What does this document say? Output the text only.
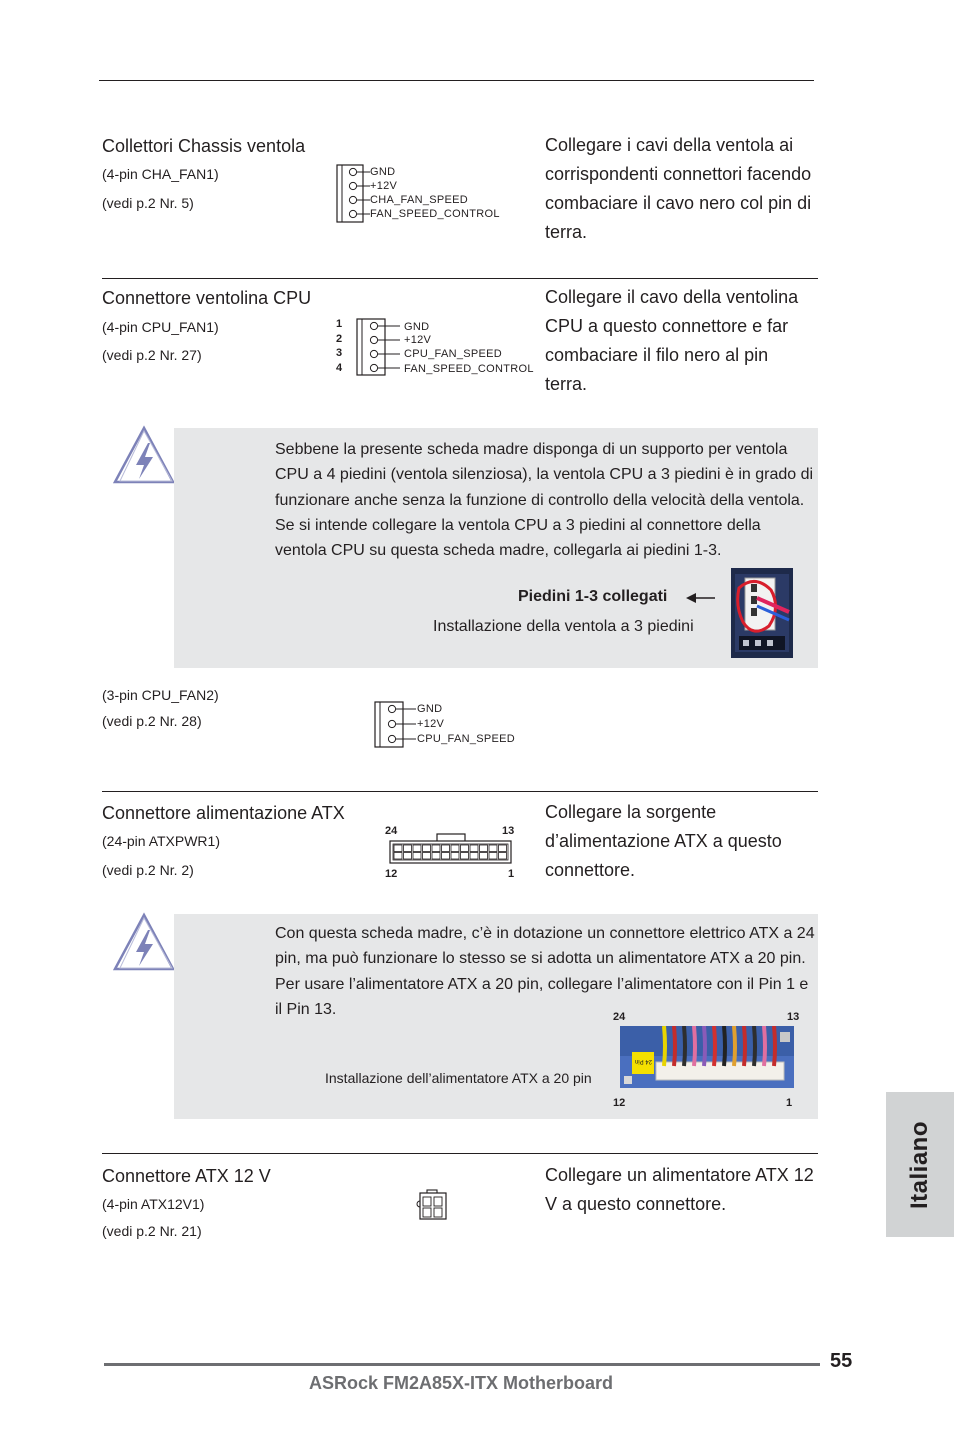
Collettori Chassis ventola
(4-pin CHA_FAN1)
(vedi p.2 Nr. 5)
GND
+12V
CHA_FAN_SPEED
FAN_SPEED_CONTROL
Collegare i cavi della ventola ai corrispondenti connettori facendo combaciare il cavo nero col pin di terra.
Connettore ventolina CPU
(4-pin CPU_FAN1)
(vedi p.2 Nr. 27)
1
2
3
4
GND
+12V
CPU_FAN_SPEED
FAN_SPEED_CONTROL
Collegare il cavo della ventolina CPU a questo connettore e far combaciare il filo nero al pin terra.
Sebbene la presente scheda madre disponga di un supporto per ventola CPU a 4 piedini (ventola silenziosa), la ventola CPU a 3 piedini è in grado di funzionare anche senza la funzione di controllo della velocità della ventola. Se si intende collegare la ventola CPU a 3 piedini al connettore della ventola CPU su questa scheda madre, collegarla ai piedini 1-3.
Piedini 1-3 collegati
Installazione della ventola a 3 piedini
(3-pin CPU_FAN2)
(vedi p.2 Nr. 28)
GND
+12V
CPU_FAN_SPEED
Connettore alimentazione ATX
(24-pin ATXPWR1)
(vedi p.2 Nr. 2)
24	13
12	1
Collegare la sorgente d’alimentazione ATX a questo connettore.
Con questa scheda madre, c’è in dotazione un connettore elettrico ATX a 24 pin, ma può funzionare lo stesso se si adotta un alimentatore ATX a 20 pin. Per usare l’alimentatore ATX a 20 pin, collegare l’alimentatore con il Pin 1 e il Pin 13.
Installazione dell’alimentatore ATX a 20 pin
24	13
24 Pin
12	1
Connettore ATX 12 V
(4-pin ATX12V1)
(vedi p.2 Nr. 21)
Collegare un alimentatore ATX 12 V a questo connettore.	Italiano
55
ASRock FM2A85X-ITX Motherboard
